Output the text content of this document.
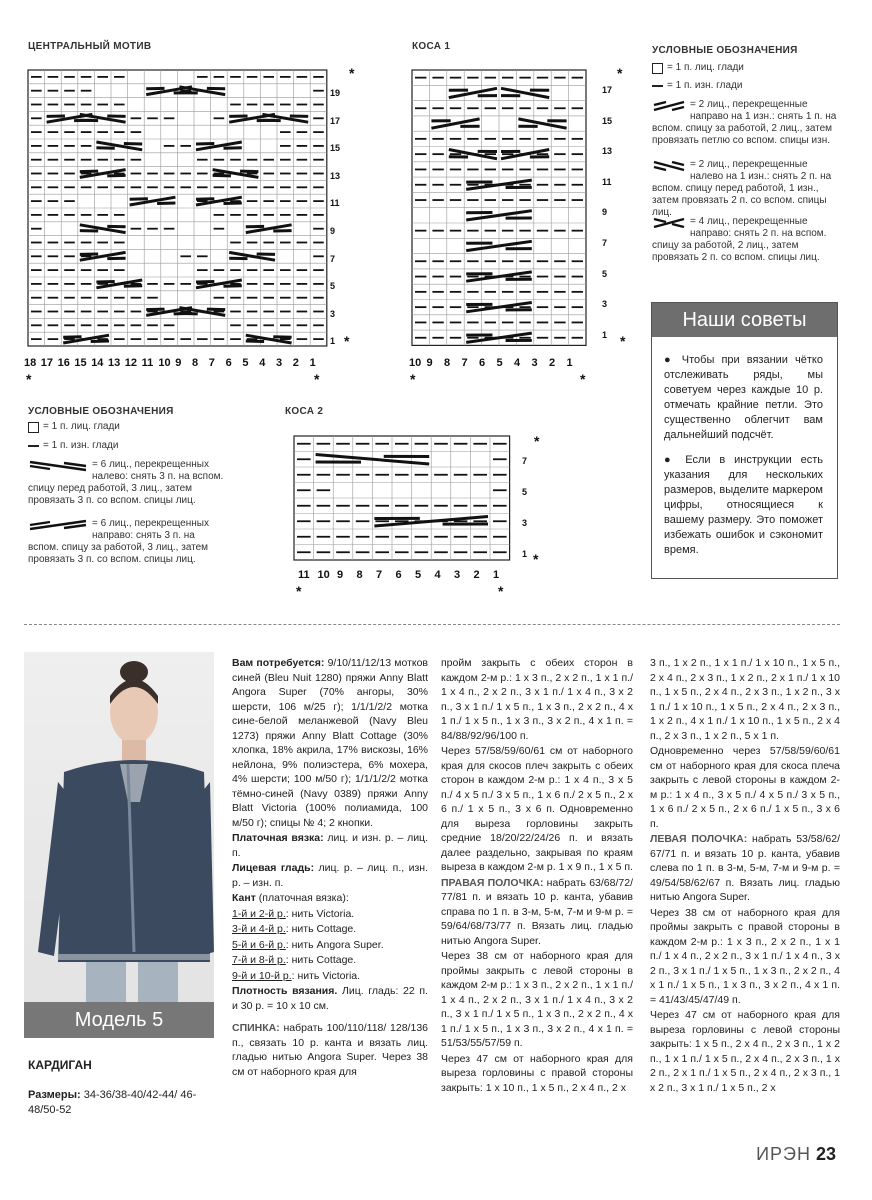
ЦЕНТРАЛЬНЫЙ МОТИВ
19
17
15
13
11
9
7
5
3
1
18 17 16 15 14 13 12 11 10 9 8 7 6 5 4 3 2 1
*
*
*	*
КОСА 1
17
15
13
11
9
7
5
3
1
10 9 8 7 6 5 4 3 2 1
*
*
*	*
КОСА 2
7
5
3
1
11 10 9 8 7 6 5 4 3 2 1
*
*
*	*
УСЛОВНЫЕ ОБОЗНАЧЕНИЯ
= 1 п. лиц. глади
= 1 п. изн. глади
= 2 лиц., перекрещенные направо на 1 изн.: снять 1 п. на вспом. спицу за работой, 2 лиц., затем провязать петлю со вспом. спицы изн.
= 2 лиц., перекрещенные налево на 1 изн.: снять 2 п. на вспом. спицу перед работой, 1 изн., затем провязать 2 п. со вспом. спицы лиц.
= 4 лиц., перекрещенные направо: снять 2 п. на вспом. спицу за работой, 2 лиц., затем провязать 2 п. со вспом. спицы лиц.
Наши советы

● Чтобы при вязании чётко отслеживать ряды, мы советуем через каждые 10 р. отмечать крайние петли. Это существенно облегчит вам дальнейший подсчёт.

● Если в инструкции есть указания для нескольких размеров, выделите маркером цифры, относящиеся к вашему размеру. Это поможет избежать ошибок и сэкономит время.

УСЛОВНЫЕ ОБОЗНАЧЕНИЯ
= 1 п. лиц. глади
= 1 п. изн. глади
= 6 лиц., перекрещенных налево: снять 3 п. на вспом. спицу перед работой, 3 лиц., затем провязать 3 п. со вспом. спицы лиц.
= 6 лиц., перекрещенных направо: снять 3 п. на вспом. спицу за работой, 3 лиц., затем провязать 3 п. со вспом. спицы лиц.
Модель 5
КАРДИГАН
Размеры: 34-36/38-40/42-44/ 46-48/50-52

Вам потребуется: 9/10/11/12/13 мотков синей (Bleu Nuit 1280) пряжи Anny Blatt Angora Super (70% ангоры, 30% шерсти, 106 м/25 г); 1/1/1/2/2 мотка сине-белой меланжевой (Navy Bleu 1273) пряжи Anny Blatt Cottage (30% хлопка, 18% акрила, 17% вискозы, 16% нейлона, 9% полиэстера, 6% мохера, 4% шерсти; 100 м/50 г); 1/1/1/2/2 мотка тёмно-синей (Navy 0389) пряжи Anny Blatt Victoria (100% полиамида, 100 м/50 г); спицы № 4; 2 кнопки.

Платочная вязка: лиц. и изн. р. – лиц. п.

Лицевая гладь: лиц. р. – лиц. п., изн. р. – изн. п.

Кант (платочная вязка):

1-й и 2-й р.: нить Victoria.

3-й и 4-й р.: нить Cottage.

5-й и 6-й р.: нить Angora Super.

7-й и 8-й р.: нить Cottage.

9-й и 10-й р.: нить Victoria.

Плотность вязания. Лиц. гладь: 22 п. и 30 р. = 10 х 10 см.

СПИНКА: набрать 100/110/118/ 128/136 п., связать 10 р. канта и вязать лиц. гладью нитью Angora Super. Через 38 см от наборного края для

пройм закрыть с обеих сторон в каждом 2-м р.: 1 х 3 п., 2 х 2 п., 1 х 1 п./ 1 х 4 п., 2 х 2 п., 3 х 1 п./ 1 х 4 п., 3 х 2 п., 3 х 1 п./ 1 х 5 п., 1 х 3 п., 2 х 2 п., 4 х 1 п./ 1 х 5 п., 1 х 3 п., 3 х 2 п., 4 х 1 п. = 84/88/92/96/100 п.

Через 57/58/59/60/61 см от наборного края для скосов плеч закрыть с обеих сторон в каждом 2-м р.: 1 х 4 п., 3 х 5 п./ 4 х 5 п./ 3 х 5 п., 1 х 6 п./ 2 х 5 п., 2 х 6 п./ 1 х 5 п., 3 х 6 п. Одновременно для выреза горловины закрыть средние 18/20/22/24/26 п. и вязать далее раздельно, закрывая по краям выреза в каждом 2-м р. 1 х 9 п., 1 х 5 п.

ПРАВАЯ ПОЛОЧКА: набрать 63/68/72/ 77/81 п. и вязать 10 р. канта, убавив справа по 1 п. в 3-м, 5-м, 7-м и 9-м р. = 59/64/68/73/77 п. Вязать лиц. гладью нитью Angora Super.

Через 38 см от наборного края для проймы закрыть с левой стороны в каждом 2-м р.: 1 х 3 п., 2 х 2 п., 1 х 1 п./ 1 х 4 п., 2 х 2 п., 3 х 1 п./ 1 х 4 п., 3 х 2 п., 3 х 1 п./ 1 х 5 п., 1 х 3 п., 2 х 2 п., 4 х 1 п./ 1 х 5 п., 1 х 3 п., 3 х 2 п., 4 х 1 п. = 51/53/55/57/59 п.

Через 47 см от наборного края для выреза горловины с правой стороны закрыть: 1 х 10 п., 1 х 5 п., 2 х 4 п., 2 х

3 п., 1 х 2 п., 1 х 1 п./ 1 х 10 п., 1 х 5 п., 2 х 4 п., 2 х 3 п., 1 х 2 п., 2 х 1 п./ 1 х 10 п., 1 х 5 п., 2 х 4 п., 2 х 3 п., 1 х 2 п., 3 х 1 п./ 1 х 10 п., 1 х 5 п., 2 х 4 п., 2 х 3 п., 1 х 2 п., 4 х 1 п./ 1 х 10 п., 1 х 5 п., 2 х 4 п., 2 х 3 п., 1 х 2 п., 5 х 1 п.

Одновременно через 57/58/59/60/61 см от наборного края для скоса плеча закрыть с левой стороны в каждом 2-м р.: 1 х 4 п., 3 х 5 п./ 4 х 5 п./ 3 х 5 п., 1 х 6 п./ 2 х 5 п., 2 х 6 п./ 1 х 5 п., 3 х 6 п.

ЛЕВАЯ ПОЛОЧКА: набрать 53/58/62/ 67/71 п. и вязать 10 р. канта, убавив слева по 1 п. в 3-м, 5-м, 7-м и 9-м р. = 49/54/58/62/67 п. Вязать лиц. гладью нитью Angora Super.

Через 38 см от наборного края для проймы закрыть с правой стороны в каждом 2-м р.: 1 х 3 п., 2 х 2 п., 1 х 1 п./ 1 х 4 п., 2 х 2 п., 3 х 1 п./ 1 х 4 п., 3 х 2 п., 3 х 1 п./ 1 х 5 п., 1 х 3 п., 2 х 2 п., 4 х 1 п./ 1 х 5 п., 1 х 3 п., 3 х 2 п., 4 х 1 п. = 41/43/45/47/49 п.

Через 47 см от наборного края для выреза горловины с левой стороны закрыть: 1 х 5 п., 2 х 4 п., 2 х 3 п., 1 х 2 п., 1 х 1 п./ 1 х 5 п., 2 х 4 п., 2 х 3 п., 1 х 2 п., 2 х 1 п./ 1 х 5 п., 2 х 4 п., 2 х 3 п., 1 х 2 п., 3 х 1 п./ 1 х 5 п., 2 х

ИРЭН 23
